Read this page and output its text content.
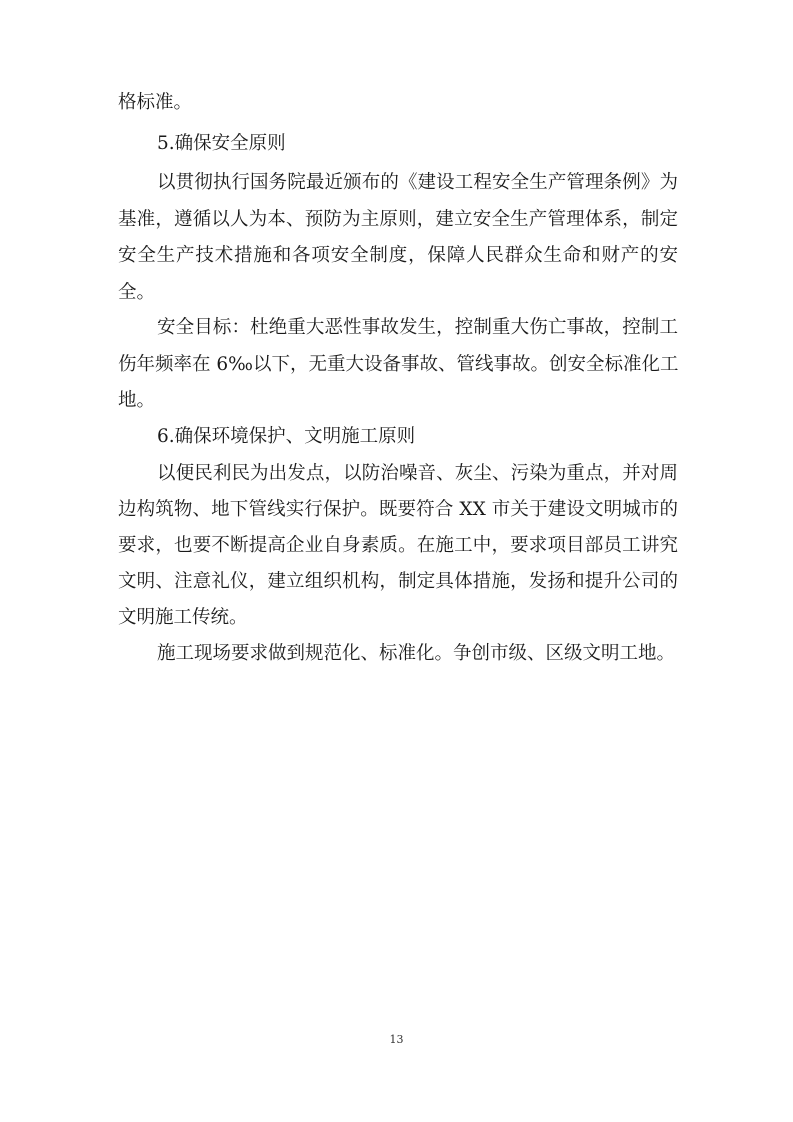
格标准。
5.确保安全原则
以贯彻执行国务院最近颁布的《建设工程安全生产管理条例》为
基准，遵循以人为本、预防为主原则，建立安全生产管理体系，制定
安全生产技术措施和各项安全制度，保障人民群众生命和财产的安
全。
安全目标：杜绝重大恶性事故发生，控制重大伤亡事故，控制工
伤年频率在 6‰以下，无重大设备事故、管线事故。创安全标准化工
地。
6.确保环境保护、文明施工原则
以便民利民为出发点，以防治噪音、灰尘、污染为重点，并对周
边构筑物、地下管线实行保护。既要符合 XX 市关于建设文明城市的
要求，也要不断提高企业自身素质。在施工中，要求项目部员工讲究
文明、注意礼仪，建立组织机构，制定具体措施，发扬和提升公司的
文明施工传统。
施工现场要求做到规范化、标准化。争创市级、区级文明工地。
13
